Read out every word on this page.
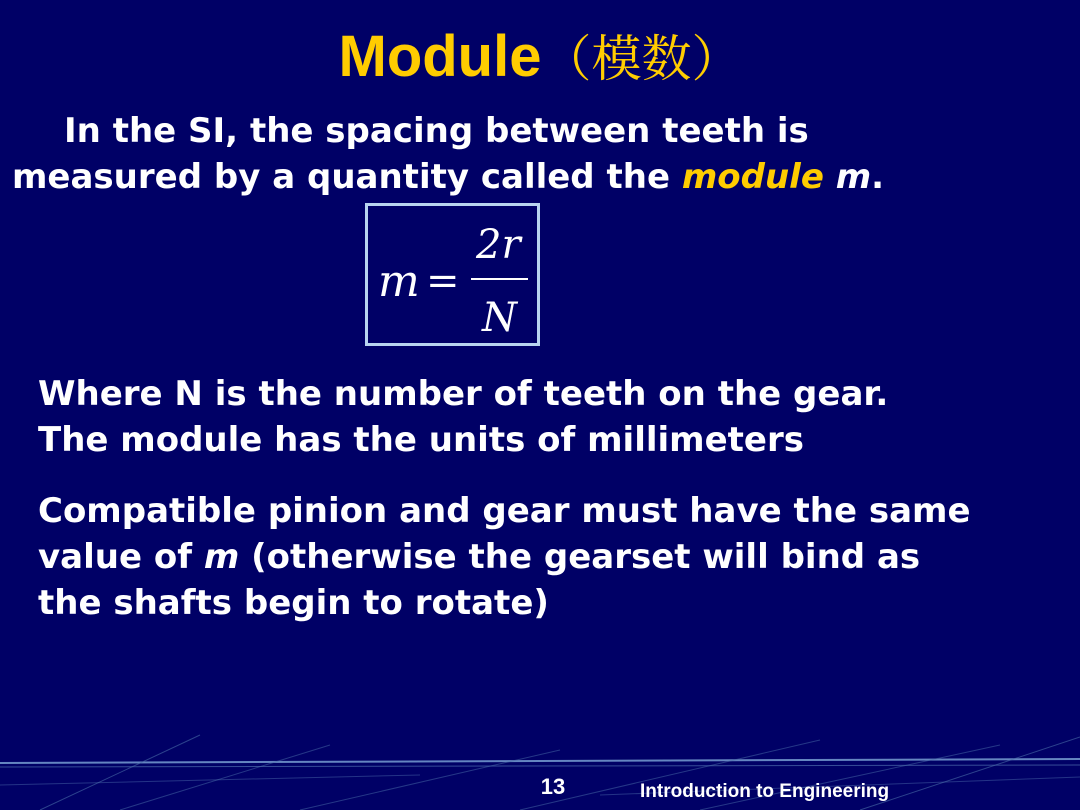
Module（模数）
In the SI, the spacing between teeth is
measured by a quantity called the module m.
m =
2r
N
Where N is the number of teeth on the gear.
The module has the units of millimeters
Compatible pinion and gear must have the same
value of m (otherwise the gearset will bind as
the shafts begin to rotate)
13	Introduction to Engineering
